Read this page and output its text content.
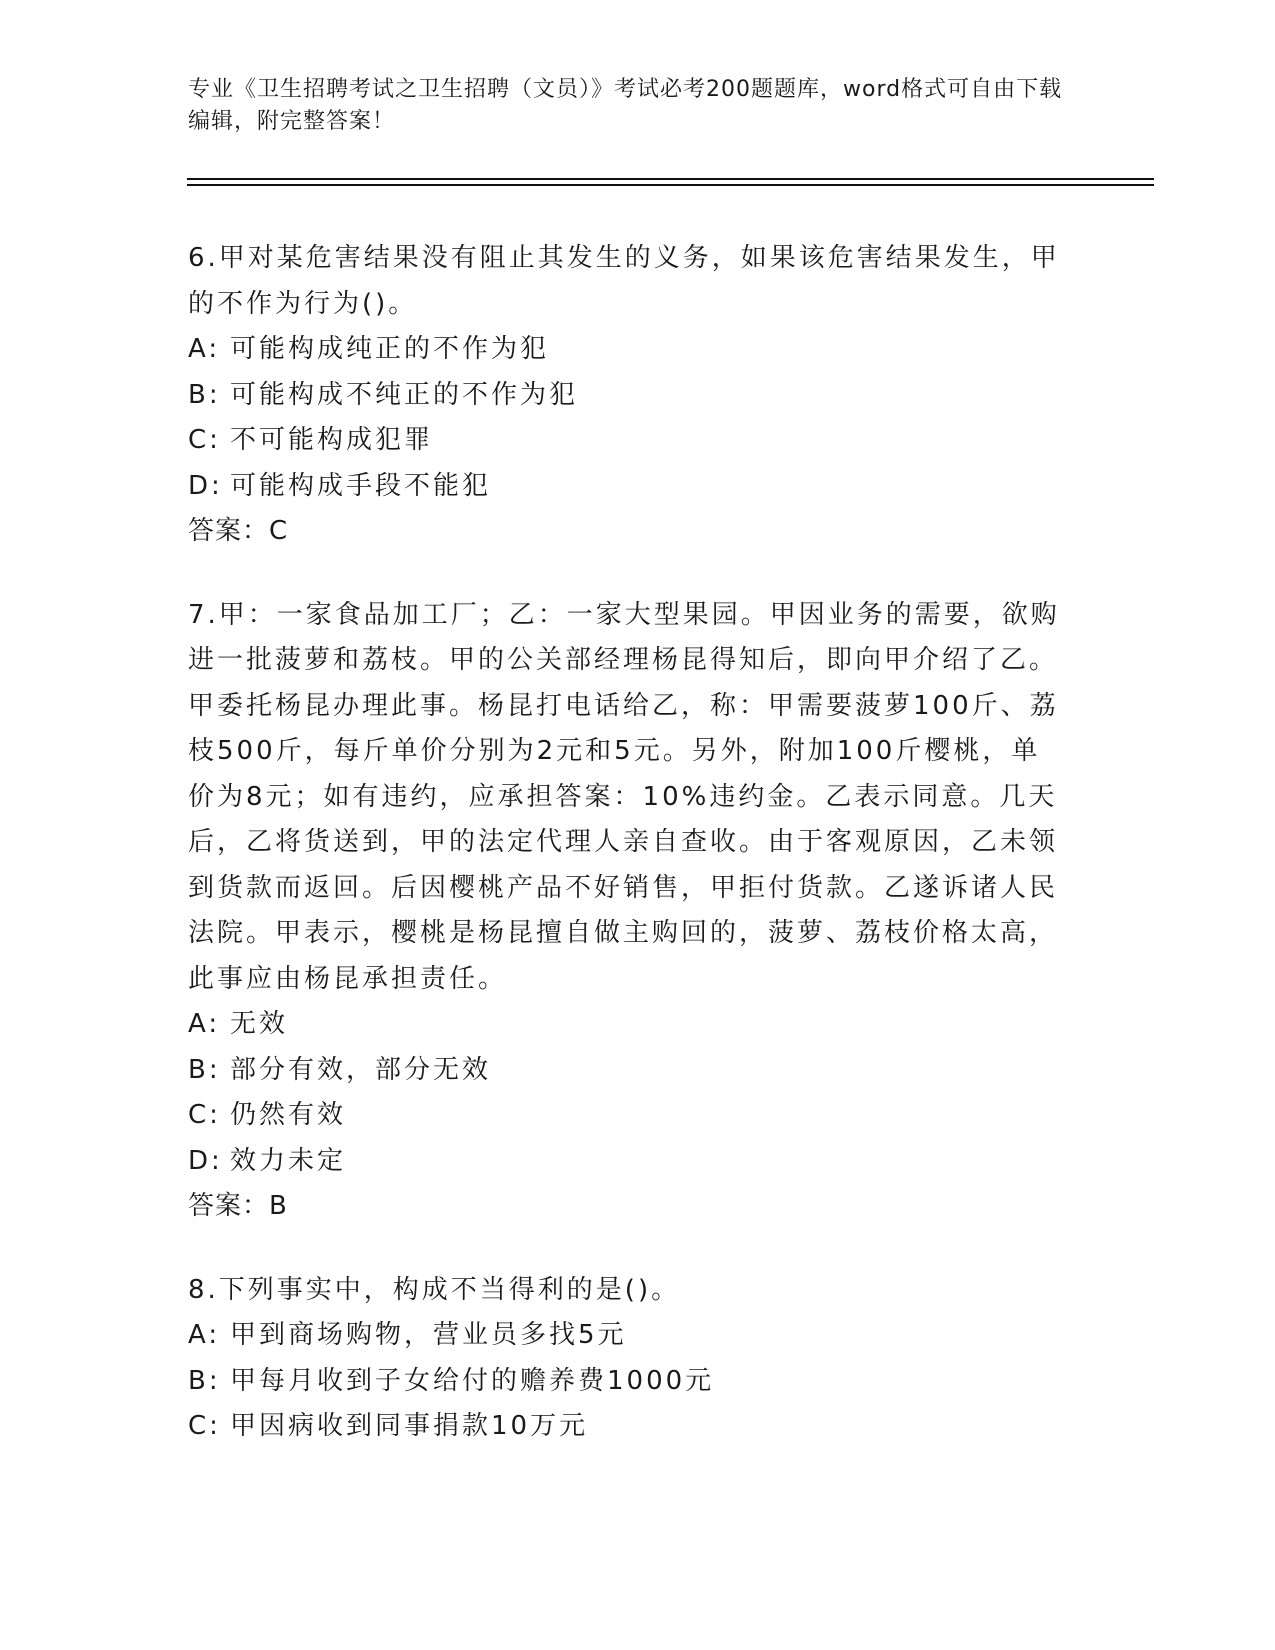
专业《卫生招聘考试之卫生招聘（文员）》考试必考200题题库，word格式可自由下载编辑，附完整答案！
6.甲对某危害结果没有阻止其发生的义务，如果该危害结果发生，甲的不作为行为()。
A: 可能构成纯正的不作为犯
B: 可能构成不纯正的不作为犯
C: 不可能构成犯罪
D: 可能构成手段不能犯
答案：C
7.甲：一家食品加工厂；乙：一家大型果园。甲因业务的需要，欲购进一批菠萝和荔枝。甲的公关部经理杨昆得知后，即向甲介绍了乙。甲委托杨昆办理此事。杨昆打电话给乙，称：甲需要菠萝100斤、荔枝500斤，每斤单价分别为2元和5元。另外，附加100斤樱桃，单价为8元；如有违约，应承担答案：10%违约金。乙表示同意。几天后，乙将货送到，甲的法定代理人亲自查收。由于客观原因，乙未领到货款而返回。后因樱桃产品不好销售，甲拒付货款。乙遂诉诸人民法院。甲表示，樱桃是杨昆擅自做主购回的，菠萝、荔枝价格太高，此事应由杨昆承担责任。
A: 无效
B: 部分有效，部分无效
C: 仍然有效
D: 效力未定
答案：B
8.下列事实中，构成不当得利的是()。
A: 甲到商场购物，营业员多找5元
B: 甲每月收到子女给付的赡养费1000元
C: 甲因病收到同事捐款10万元
